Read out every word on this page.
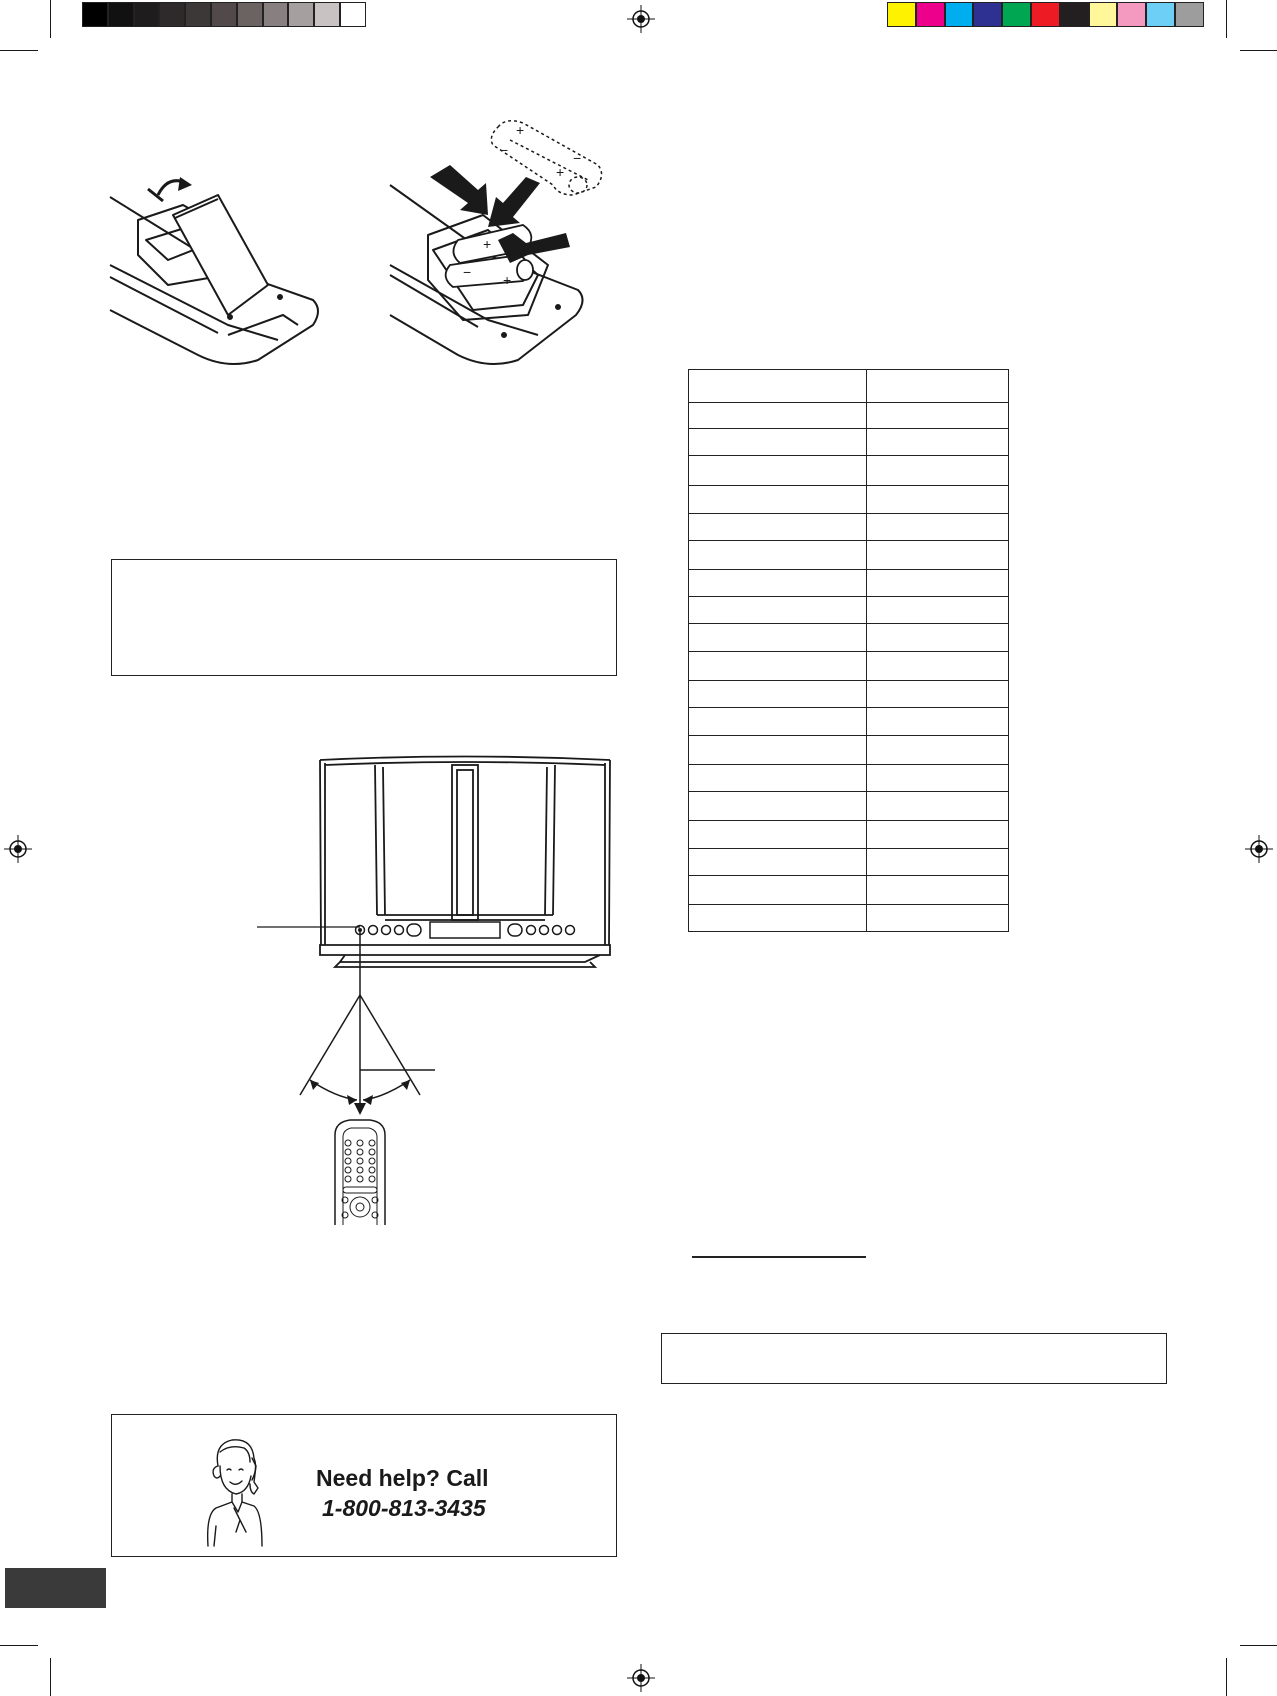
+
+
−
+
−
+
−
Need help? Call
1-800-813-3435
